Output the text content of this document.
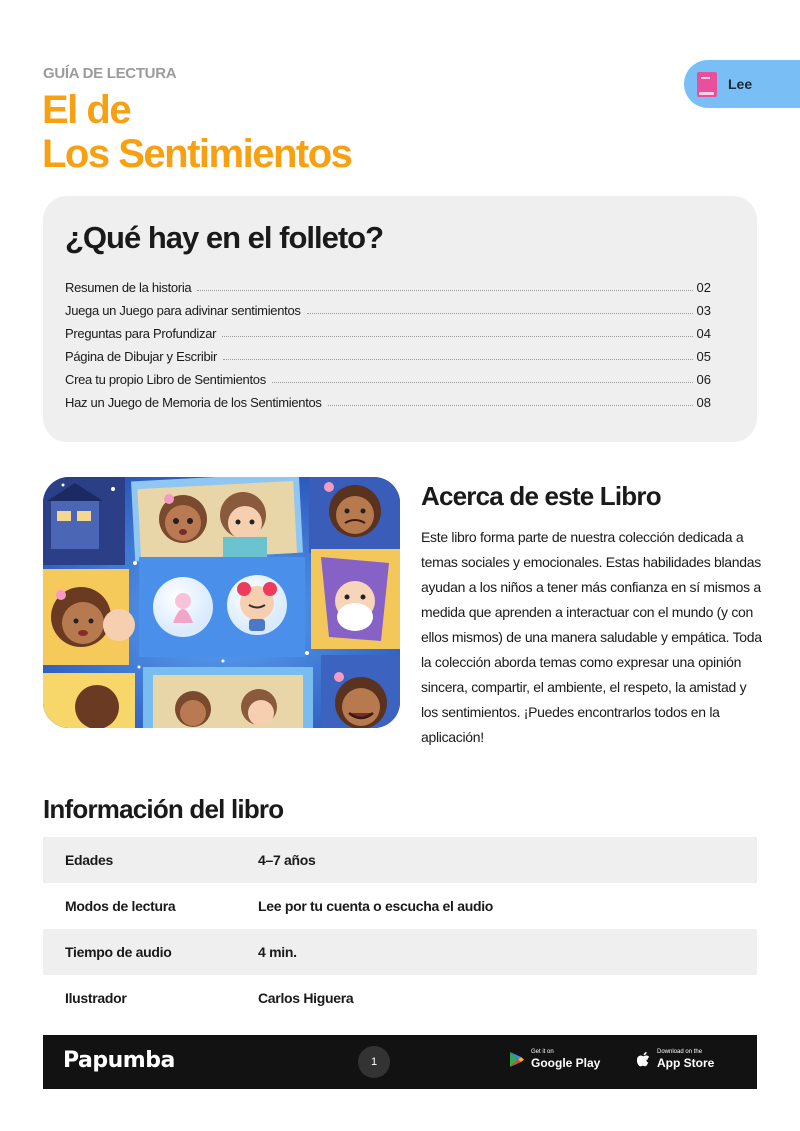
GUÍA DE LECTURA
El de
Los Sentimientos
Lee
¿Qué hay en el folleto?
Resumen de la historia	02
Juega un Juego para adivinar sentimientos	03
Preguntas para Profundizar	04
Página de Dibujar y Escribir	05
Crea tu propio Libro de Sentimientos	06
Haz un Juego de Memoria de los Sentimientos	08
Acerca de este Libro

Este libro forma parte de nuestra colección dedicada a temas sociales y emocionales. Estas habilidades blandas ayudan a los niños a tener más confianza en sí mismos a medida que aprenden a interactuar con el mundo (y con ellos mismos) de una manera saludable y empática. Toda la colección aborda temas como expresar una opinión sincera, compartir, el ambiente, el respeto, la amistad y los sentimientos. ¡Puedes encontrarlos todos en la aplicación!

Información del libro
Edades	4–7 años
Modos de lectura	Lee por tu cuenta o escucha el audio
Tiempo de audio	4 min.
Ilustrador	Carlos Higuera
Papumba	1
Get it on
Google Play
Download on the
App Store
